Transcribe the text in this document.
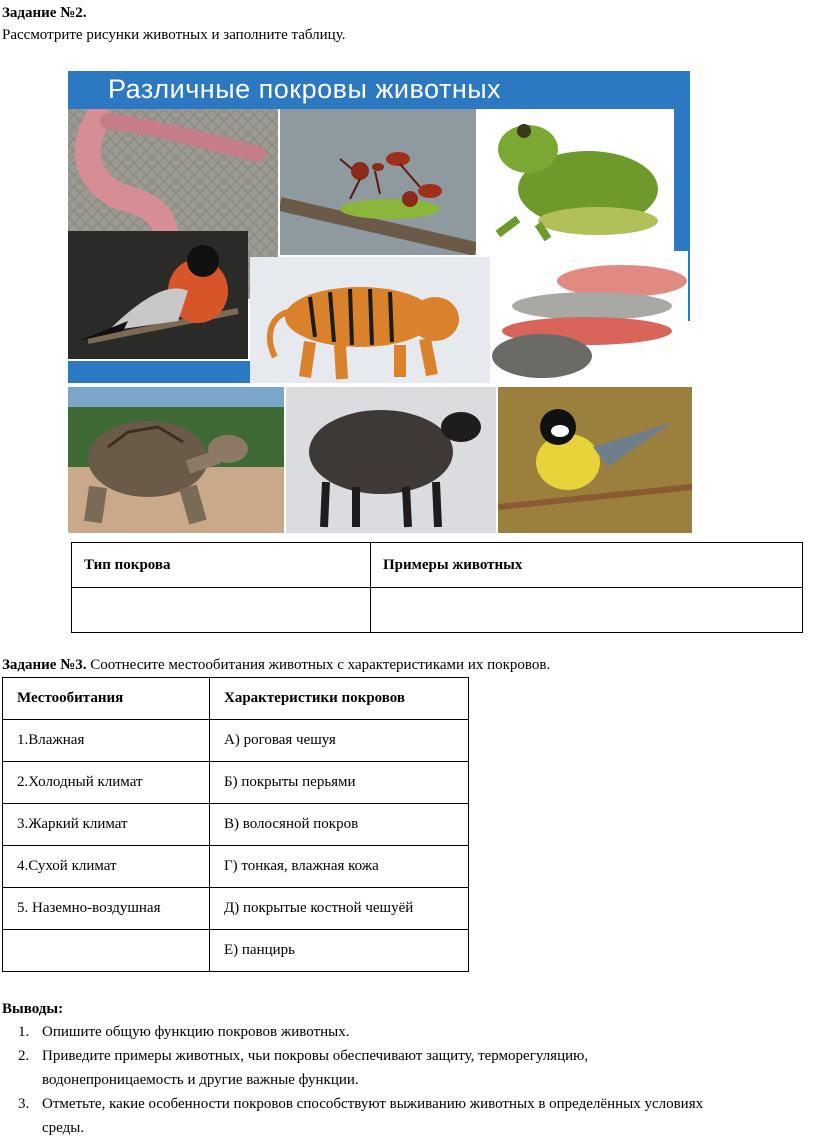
Задание №2.
Рассмотрите рисунки животных и заполните таблицу.
Различные покровы животных
Тип покрова	Примеры животных

Задание №3. Соотнесите местообитания животных с характеристиками их покровов.
Местообитания	Характеристики покровов
1.Влажная	А) роговая чешуя
2.Холодный климат	Б) покрыты перьями
3.Жаркий климат	В) волосяной покров
4.Сухой климат	Г) тонкая, влажная кожа
5. Наземно-воздушная	Д) покрытые костной чешуёй
	Е) панцирь
Выводы:
1. Опишите общую функцию покровов животных.
2. Приведите примеры животных, чьи покровы обеспечивают защиту, терморегуляцию, водонепроницаемость и другие важные функции.
3. Отметьте, какие особенности покровов способствуют выживанию животных в определённых условиях среды.
